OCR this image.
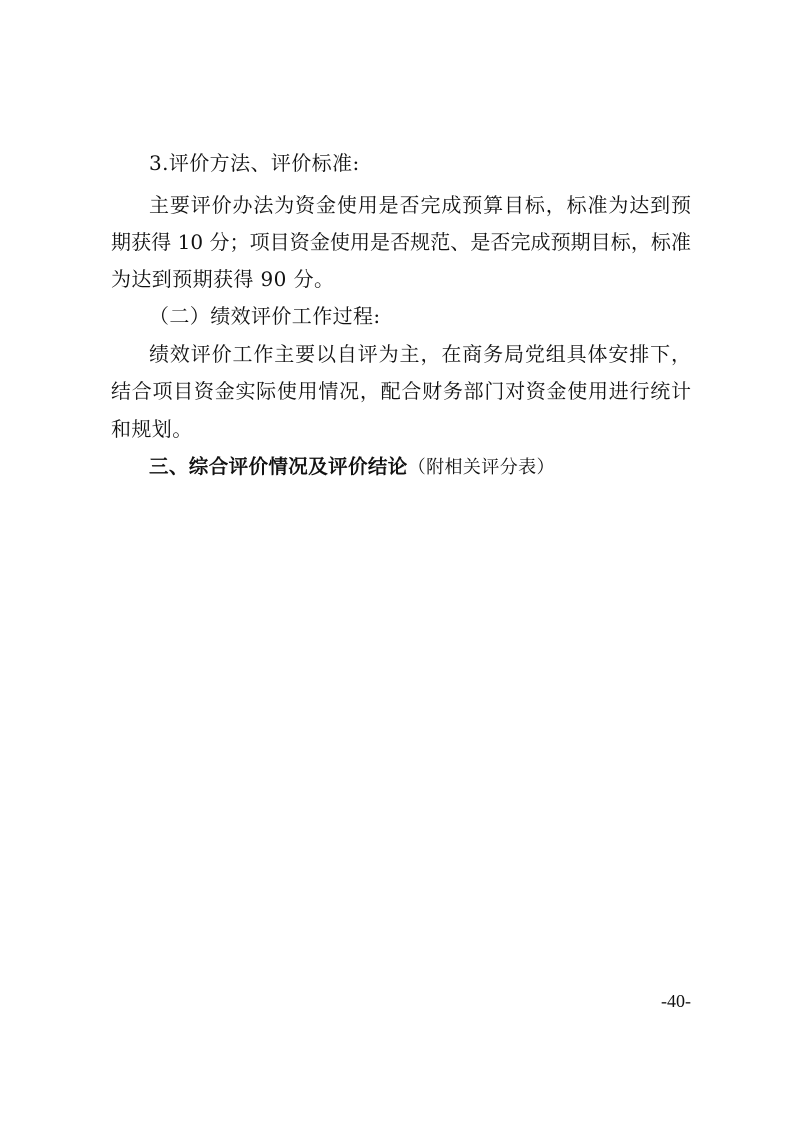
3.评价方法、评价标准:
主要评价办法为资金使用是否完成预算目标，标准为达到预
期获得 10 分；项目资金使用是否规范、是否完成预期目标，标准
为达到预期获得 90 分。
（二）绩效评价工作过程:
绩效评价工作主要以自评为主，在商务局党组具体安排下，
结合项目资金实际使用情况，配合财务部门对资金使用进行统计
和规划。
三、综合评价情况及评价结论（附相关评分表）
-40-
